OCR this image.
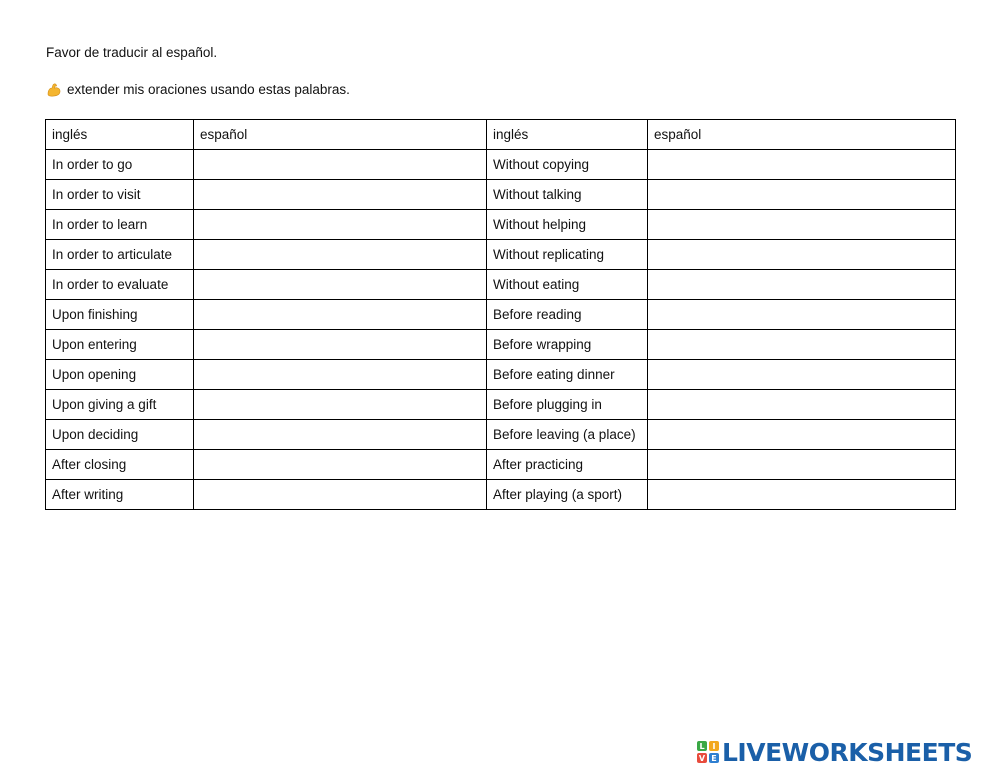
Favor de traducir al español.

extender mis oraciones usando estas palabras.

inglés	español	inglés	español
In order to go		Without copying	
In order to visit		Without talking	
In order to learn		Without helping	
In order to articulate		Without replicating	
In order to evaluate		Without eating	
Upon finishing		Before reading	
Upon entering		Before wrapping	
Upon opening		Before eating dinner	
Upon giving a gift		Before plugging in	
Upon deciding		Before leaving (a place)	
After closing		After practicing	
After writing		After playing (a sport)	
L I
V E LIVEWORKSHEETS
